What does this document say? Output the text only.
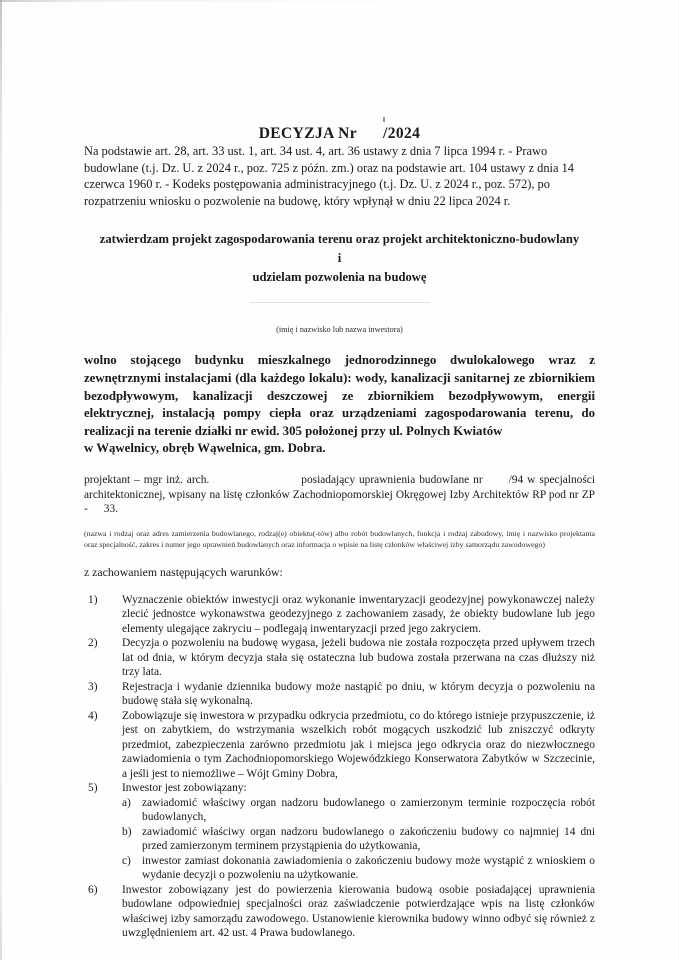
DECYZJA Nr /2024

Na podstawie art. 28, art. 33 ust. 1, art. 34 ust. 4, art. 36 ustawy z dnia 7 lipca 1994 r. - Prawo budowlane (t.j. Dz. U. z 2024 r., poz. 725 z późn. zm.) oraz na podstawie art. 104 ustawy z dnia 14 czerwca 1960 r. - Kodeks postępowania administracyjnego (t.j. Dz. U. z 2024 r., poz. 572), po rozpatrzeniu wniosku o pozwolenie na budowę, który wpłynął w dniu 22 lipca 2024 r.

zatwierdzam projekt zagospodarowania terenu oraz projekt architektoniczno-budowlany

i

udzielam pozwolenia na budowę

(imię i nazwisko lub nazwa inwestora)

wolno stojącego budynku mieszkalnego jednorodzinnego dwulokalowego wraz z zewnętrznymi instalacjami (dla każdego lokalu): wody, kanalizacji sanitarnej ze zbiornikiem bezodpływowym, kanalizacji deszczowej ze zbiornikiem bezodpływowym, energii elektrycznej, instalacją pompy ciepła oraz urządzeniami zagospodarowania terenu, do realizacji na terenie działki nr ewid. 305 położonej przy ul. Polnych Kwiatów
w Wąwelnicy, obręb Wąwelnica, gm. Dobra.

projektant – mgr inż. arch.	posiadający uprawnienia budowlane nr /94 w specjalności architektonicznej, wpisany na listę członków Zachodniopomorskiej Okręgowej Izby Architektów RP pod nr ZP - 33.

(nazwa i rodzaj oraz adres zamierzenia budowlanego, rodzaj(e) obiektu(-tów) albo robót budowlanych, funkcja i rodzaj zabudowy, imię i nazwisko projektanta oraz specjalność, zakres i numer jego uprawnień budowlanych oraz informacja o wpisie na listę członków właściwej izby samorządu zawodowego)

z zachowaniem następujących warunków:

1)	Wyznaczenie obiektów inwestycji oraz wykonanie inwentaryzacji geodezyjnej powykonawczej należy zlecić jednostce wykonawstwa geodezyjnego z zachowaniem zasady, że obiekty budowlane lub jego elementy ulegające zakryciu – podlegają inwentaryzacji przed jego zakryciem.
2)	Decyzja o pozwoleniu na budowę wygasa, jeżeli budowa nie została rozpoczęta przed upływem trzech lat od dnia, w którym decyzja stała się ostateczna lub budowa została przerwana na czas dłuższy niż trzy lata.
3)	Rejestracja i wydanie dziennika budowy może nastąpić po dniu, w którym decyzja o pozwoleniu na budowę stała się wykonalną.
4)	Zobowiązuje się inwestora w przypadku odkrycia przedmiotu, co do którego istnieje przypuszczenie, iż jest on zabytkiem, do wstrzymania wszelkich robót mogących uszkodzić lub zniszczyć odkryty przedmiot, zabezpieczenia zarówno przedmiotu jak i miejsca jego odkrycia oraz do niezwłocznego zawiadomienia o tym Zachodniopomorskiego Wojewódzkiego Konserwatora Zabytków w Szczecinie, a jeśli jest to niemożliwe – Wójt Gminy Dobra,
5)	Inwestor jest zobowiązany:
a) zawiadomić właściwy organ nadzoru budowlanego o zamierzonym terminie rozpoczęcia robót budowlanych,
b) zawiadomić właściwy organ nadzoru budowlanego o zakończeniu budowy co najmniej 14 dni przed zamierzonym terminem przystąpienia do użytkowania,
c) inwestor zamiast dokonania zawiadomienia o zakończeniu budowy może wystąpić z wnioskiem o wydanie decyzji o pozwoleniu na użytkowanie.
6)	Inwestor zobowiązany jest do powierzenia kierowania budową osobie posiadającej uprawnienia budowlane odpowiedniej specjalności oraz zaświadczenie potwierdzające wpis na listę członków właściwej izby samorządu zawodowego. Ustanowienie kierownika budowy winno odbyć się również z uwzględnieniem art. 42 ust. 4 Prawa budowlanego.
